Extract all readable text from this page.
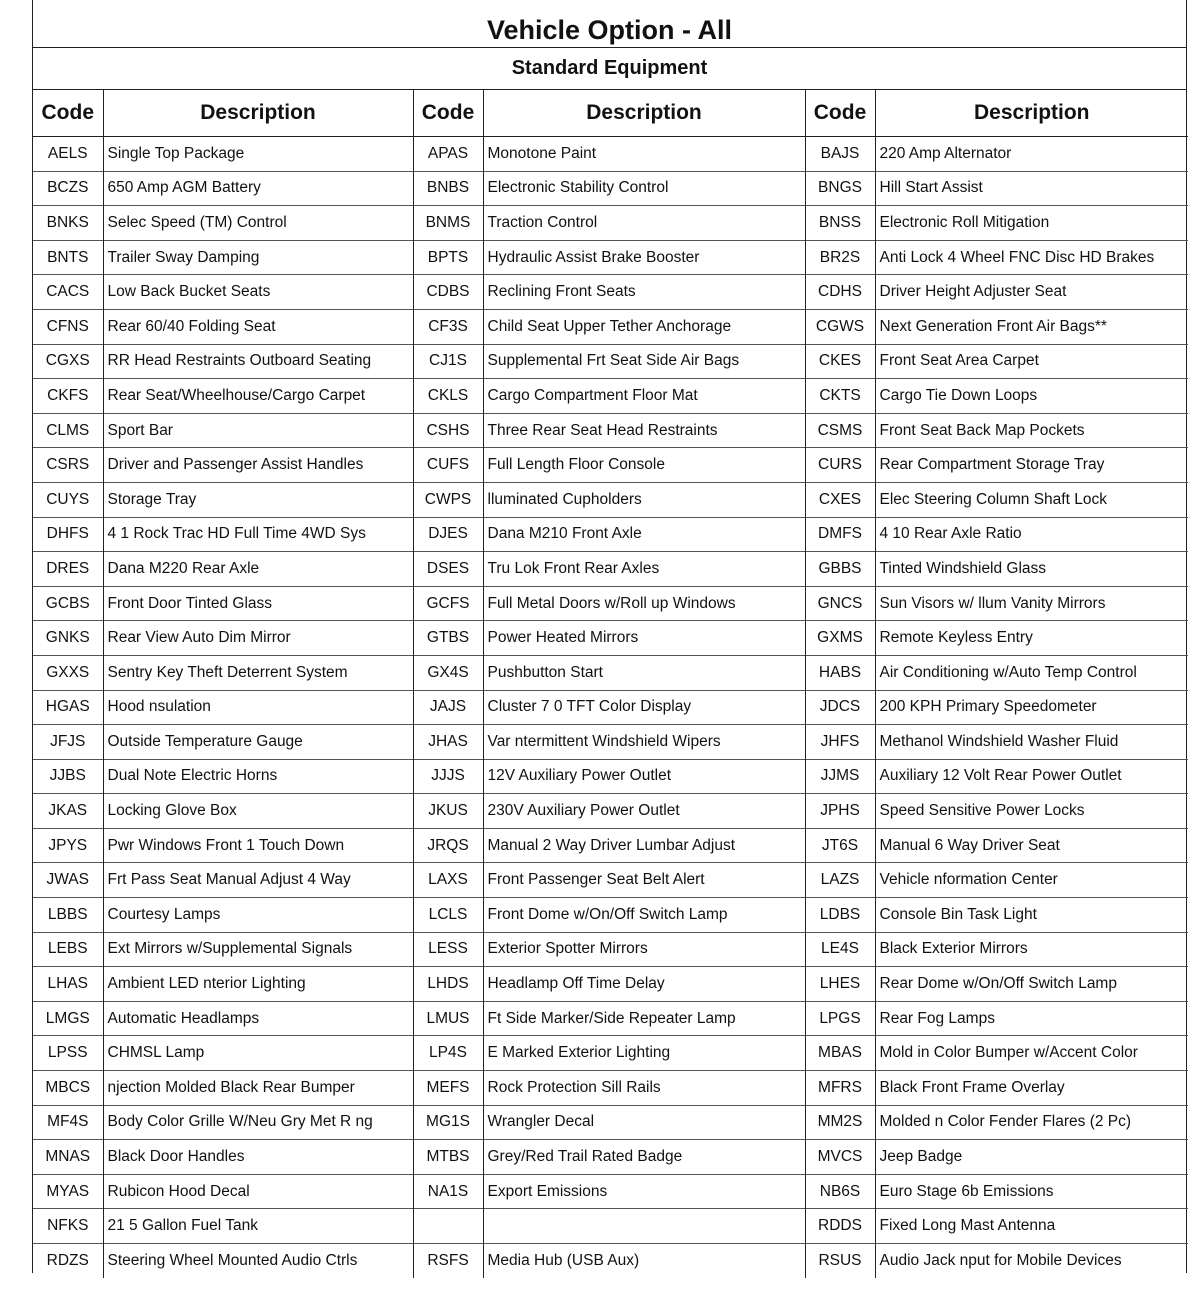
Vehicle Option - All
Standard Equipment
Code	Description	Code	Description	Code	Description
AELS	Single Top Package	APAS	Monotone Paint	BAJS	220 Amp Alternator
BCZS	650 Amp AGM Battery	BNBS	Electronic Stability Control	BNGS	Hill Start Assist
BNKS	Selec Speed (TM) Control	BNMS	Traction Control	BNSS	Electronic Roll Mitigation
BNTS	Trailer Sway Damping	BPTS	Hydraulic Assist Brake Booster	BR2S	Anti Lock 4 Wheel FNC Disc HD Brakes
CACS	Low Back Bucket Seats	CDBS	Reclining Front Seats	CDHS	Driver Height Adjuster Seat
CFNS	Rear 60/40 Folding Seat	CF3S	Child Seat Upper Tether Anchorage	CGWS	Next Generation Front Air Bags**
CGXS	RR Head Restraints Outboard Seating	CJ1S	Supplemental Frt Seat Side Air Bags	CKES	Front Seat Area Carpet
CKFS	Rear Seat/Wheelhouse/Cargo Carpet	CKLS	Cargo Compartment Floor Mat	CKTS	Cargo Tie Down Loops
CLMS	Sport Bar	CSHS	Three Rear Seat Head Restraints	CSMS	Front Seat Back Map Pockets
CSRS	Driver and Passenger Assist Handles	CUFS	Full Length Floor Console	CURS	Rear Compartment Storage Tray
CUYS	Storage Tray	CWPS	lluminated Cupholders	CXES	Elec Steering Column Shaft Lock
DHFS	4 1 Rock Trac HD Full Time 4WD Sys	DJES	Dana M210 Front Axle	DMFS	4 10 Rear Axle Ratio
DRES	Dana M220 Rear Axle	DSES	Tru Lok Front Rear Axles	GBBS	Tinted Windshield Glass
GCBS	Front Door Tinted Glass	GCFS	Full Metal Doors w/Roll up Windows	GNCS	Sun Visors w/ llum Vanity Mirrors
GNKS	Rear View Auto Dim Mirror	GTBS	Power Heated Mirrors	GXMS	Remote Keyless Entry
GXXS	Sentry Key Theft Deterrent System	GX4S	Pushbutton Start	HABS	Air Conditioning w/Auto Temp Control
HGAS	Hood nsulation	JAJS	Cluster 7 0 TFT Color Display	JDCS	200 KPH Primary Speedometer
JFJS	Outside Temperature Gauge	JHAS	Var ntermittent Windshield Wipers	JHFS	Methanol Windshield Washer Fluid
JJBS	Dual Note Electric Horns	JJJS	12V Auxiliary Power Outlet	JJMS	Auxiliary 12 Volt Rear Power Outlet
JKAS	Locking Glove Box	JKUS	230V Auxiliary Power Outlet	JPHS	Speed Sensitive Power Locks
JPYS	Pwr Windows Front 1 Touch Down	JRQS	Manual 2 Way Driver Lumbar Adjust	JT6S	Manual 6 Way Driver Seat
JWAS	Frt Pass Seat Manual Adjust 4 Way	LAXS	Front Passenger Seat Belt Alert	LAZS	Vehicle nformation Center
LBBS	Courtesy Lamps	LCLS	Front Dome w/On/Off Switch Lamp	LDBS	Console Bin Task Light
LEBS	Ext Mirrors w/Supplemental Signals	LESS	Exterior Spotter Mirrors	LE4S	Black Exterior Mirrors
LHAS	Ambient LED nterior Lighting	LHDS	Headlamp Off Time Delay	LHES	Rear Dome w/On/Off Switch Lamp
LMGS	Automatic Headlamps	LMUS	Ft Side Marker/Side Repeater Lamp	LPGS	Rear Fog Lamps
LPSS	CHMSL Lamp	LP4S	E Marked Exterior Lighting	MBAS	Mold in Color Bumper w/Accent Color
MBCS	njection Molded Black Rear Bumper	MEFS	Rock Protection Sill Rails	MFRS	Black Front Frame Overlay
MF4S	Body Color Grille W/Neu Gry Met R ng	MG1S	Wrangler Decal	MM2S	Molded n Color Fender Flares (2 Pc)
MNAS	Black Door Handles	MTBS	Grey/Red Trail Rated Badge	MVCS	Jeep Badge
MYAS	Rubicon Hood Decal	NA1S	Export Emissions	NB6S	Euro Stage 6b Emissions
NFKS	21 5 Gallon Fuel Tank			RDDS	Fixed Long Mast Antenna
RDZS	Steering Wheel Mounted Audio Ctrls	RSFS	Media Hub (USB Aux)	RSUS	Audio Jack nput for Mobile Devices
